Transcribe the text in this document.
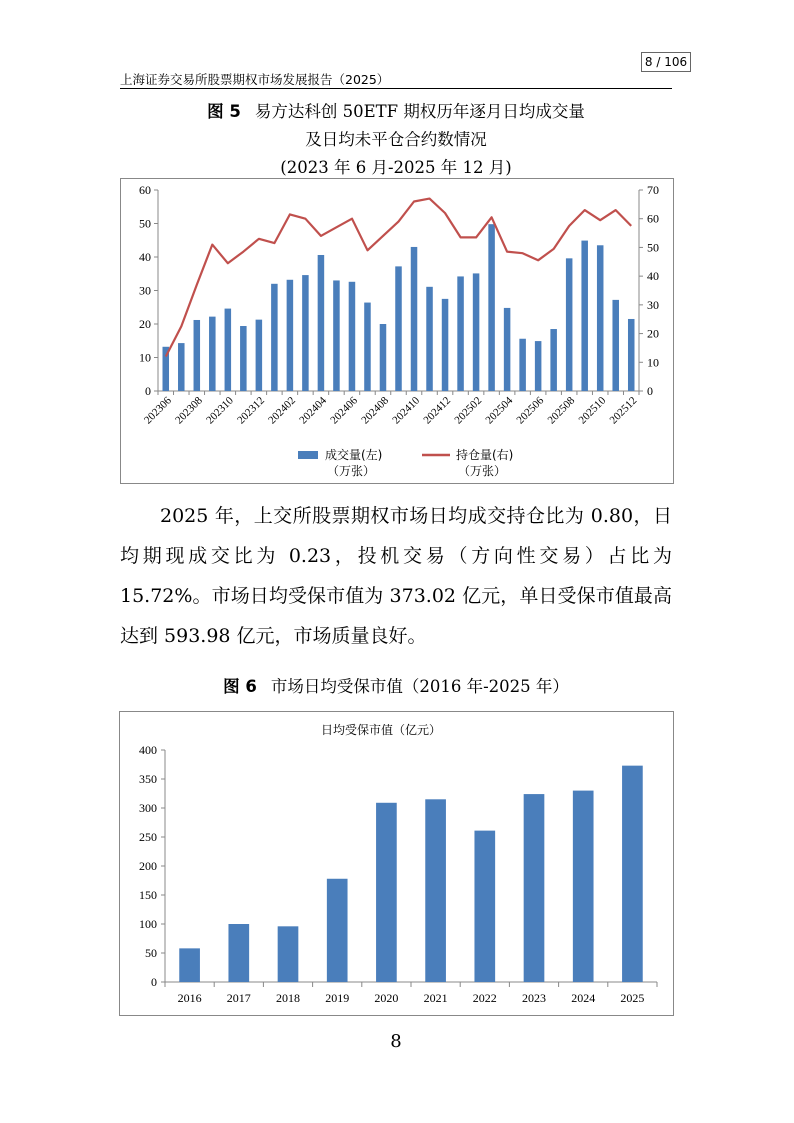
8 / 106
上海证券交易所股票期权市场发展报告（2025）
图 5 易方达科创 50ETF 期权历年逐月日均成交量
及日均未平仓合约数情况
(2023 年 6 月-2025 年 12 月)
0
10
20
30
40
50
60
0
10
20
30
40
50
60
70
202306 202308 202310 202312 202402 202404 202406 202408 202410 202412 202502 202504 202506 202508 202510 202512
成交量(左)
（万张）
持仓量(右)
（万张）

2025 年，上交所股票期权市场日均成交持仓比为 0.80，日均期现成交比为 0.23，投机交易（方向性交易）占比为 15.72%。市场日均受保市值为 373.02 亿元，单日受保市值最高达到 593.98 亿元，市场质量良好。

图 6 市场日均受保市值（2016 年-2025 年）
日均受保市值（亿元）
0
50
100
150
200
250
300
350
400
2016 2017 2018 2019 2020 2021 2022 2023 2024 2025
8
